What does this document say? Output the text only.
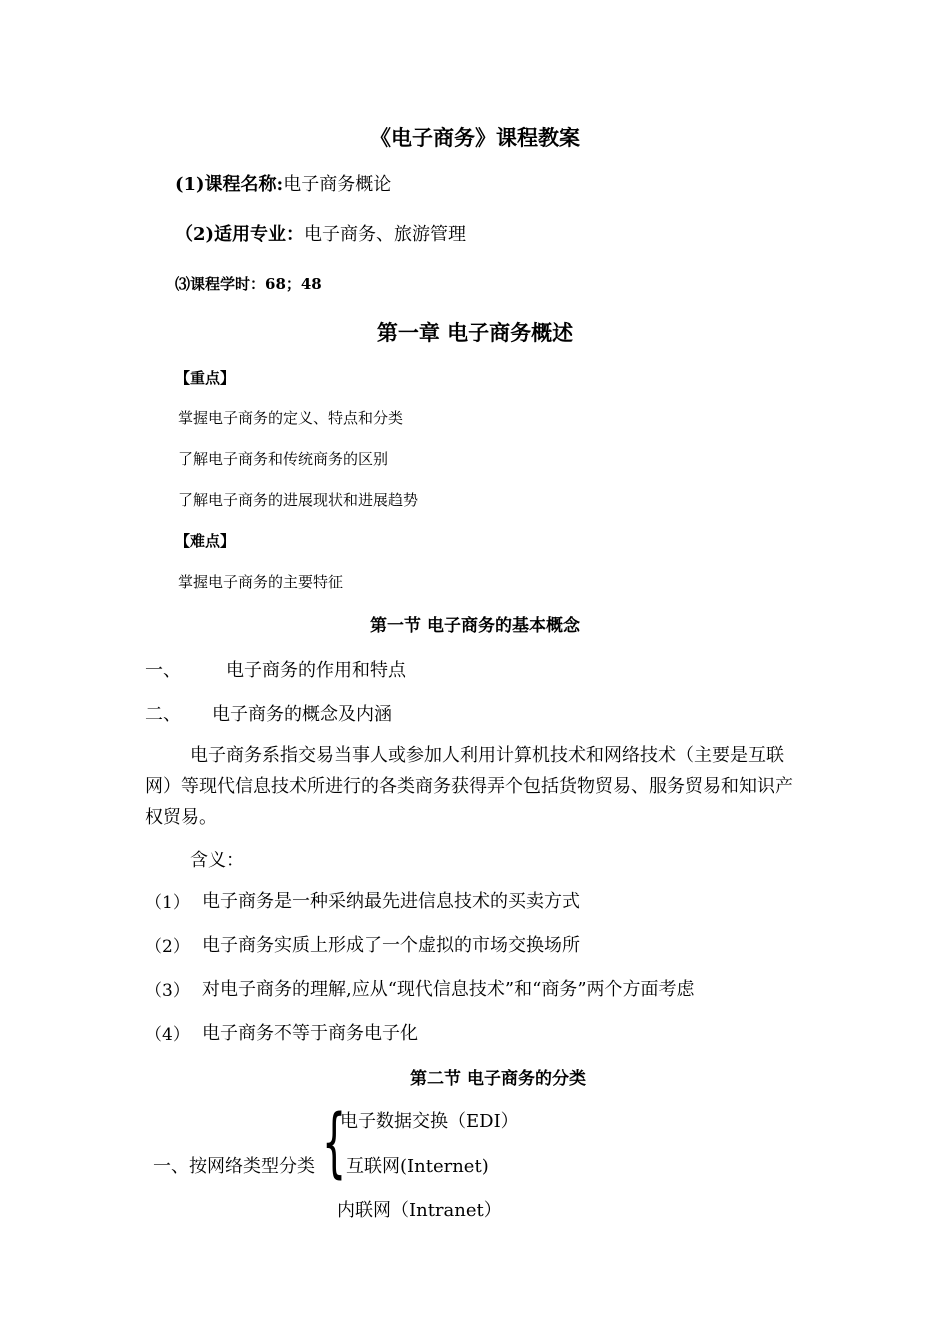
《电子商务》课程教案
(1)课程名称:电子商务概论
（2)适用专业：电子商务、旅游管理
⑶课程学时：68；48
第一章 电子商务概述
【重点】
掌握电子商务的定义、特点和分类
了解电子商务和传统商务的区别
了解电子商务的进展现状和进展趋势
【难点】
掌握电子商务的主要特征
第一节 电子商务的基本概念
一、	电子商务的作用和特点
二、 电子商务的概念及内涵
电子商务系指交易当事人或参加人利用计算机技术和网络技术（主要是互联网）等现代信息技术所进行的各类商务获得弄个包括货物贸易、服务贸易和知识产权贸易。
含义：
（1） 电子商务是一种采纳最先进信息技术的买卖方式
（2） 电子商务实质上形成了一个虚拟的市场交换场所
（3） 对电子商务的理解,应从“现代信息技术”和“商务”两个方面考虑
（4） 电子商务不等于商务电子化
第二节 电子商务的分类
电子数据交换（EDI）
一、按网络类型分类 { 互联网(Internet)
内联网（Intranet）
